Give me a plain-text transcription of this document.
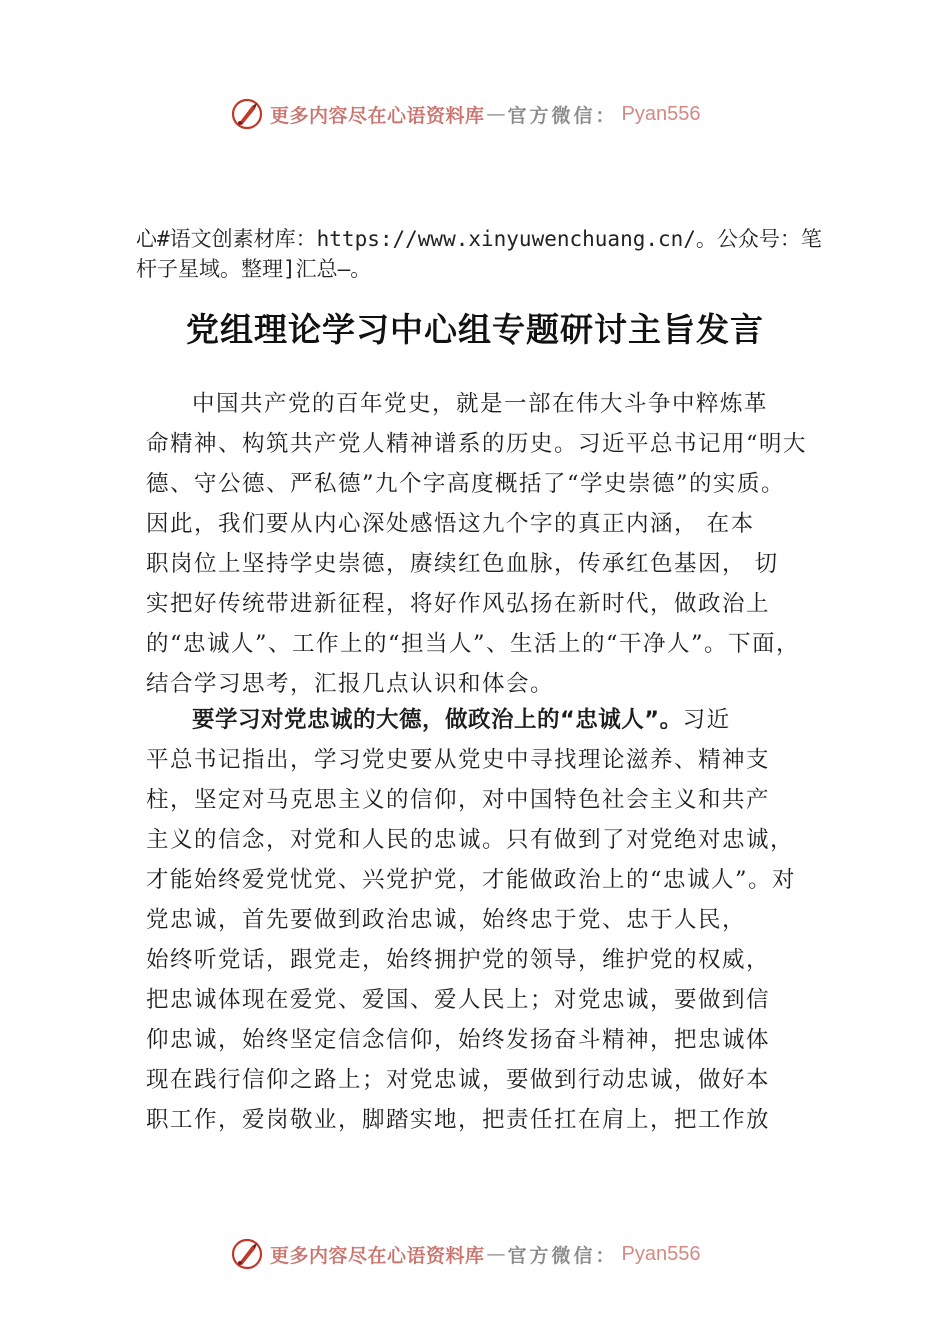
更多内容尽在心语资料库 — 官方微信： Pyan556
心#语文创素材库：https://www.xinyuwenchuang.cn/。公众号：笔杆子星域。整理]汇总—。
党组理论学习中心组专题研讨主旨发言
中国共产党的百年党史，就是一部在伟大斗争中粹炼革
命精神、构筑共产党人精神谱系的历史。习近平总书记用“明大
德、守公德、严私德”九个字高度概括了“学史崇德”的实质。
因此，我们要从内心深处感悟这九个字的真正内涵， 在本
职岗位上坚持学史崇德，赓续红色血脉，传承红色基因， 切
实把好传统带进新征程，将好作风弘扬在新时代，做政治上
的“忠诚人”、工作上的“担当人”、生活上的“干净人”。下面，
结合学习思考，汇报几点认识和体会。
要学习对党忠诚的大德，做政治上的“忠诚人”。习近
平总书记指出，学习党史要从党史中寻找理论滋养、精神支
柱，坚定对马克思主义的信仰，对中国特色社会主义和共产
主义的信念，对党和人民的忠诚。只有做到了对党绝对忠诚，
才能始终爱党忧党、兴党护党，才能做政治上的“忠诚人”。对
党忠诚，首先要做到政治忠诚，始终忠于党、忠于人民，
始终听党话，跟党走，始终拥护党的领导，维护党的权威，
把忠诚体现在爱党、爱国、爱人民上；对党忠诚，要做到信
仰忠诚，始终坚定信念信仰，始终发扬奋斗精神，把忠诚体
现在践行信仰之路上；对党忠诚，要做到行动忠诚，做好本
职工作，爱岗敬业，脚踏实地，把责任扛在肩上，把工作放
更多内容尽在心语资料库 — 官方微信： Pyan556
